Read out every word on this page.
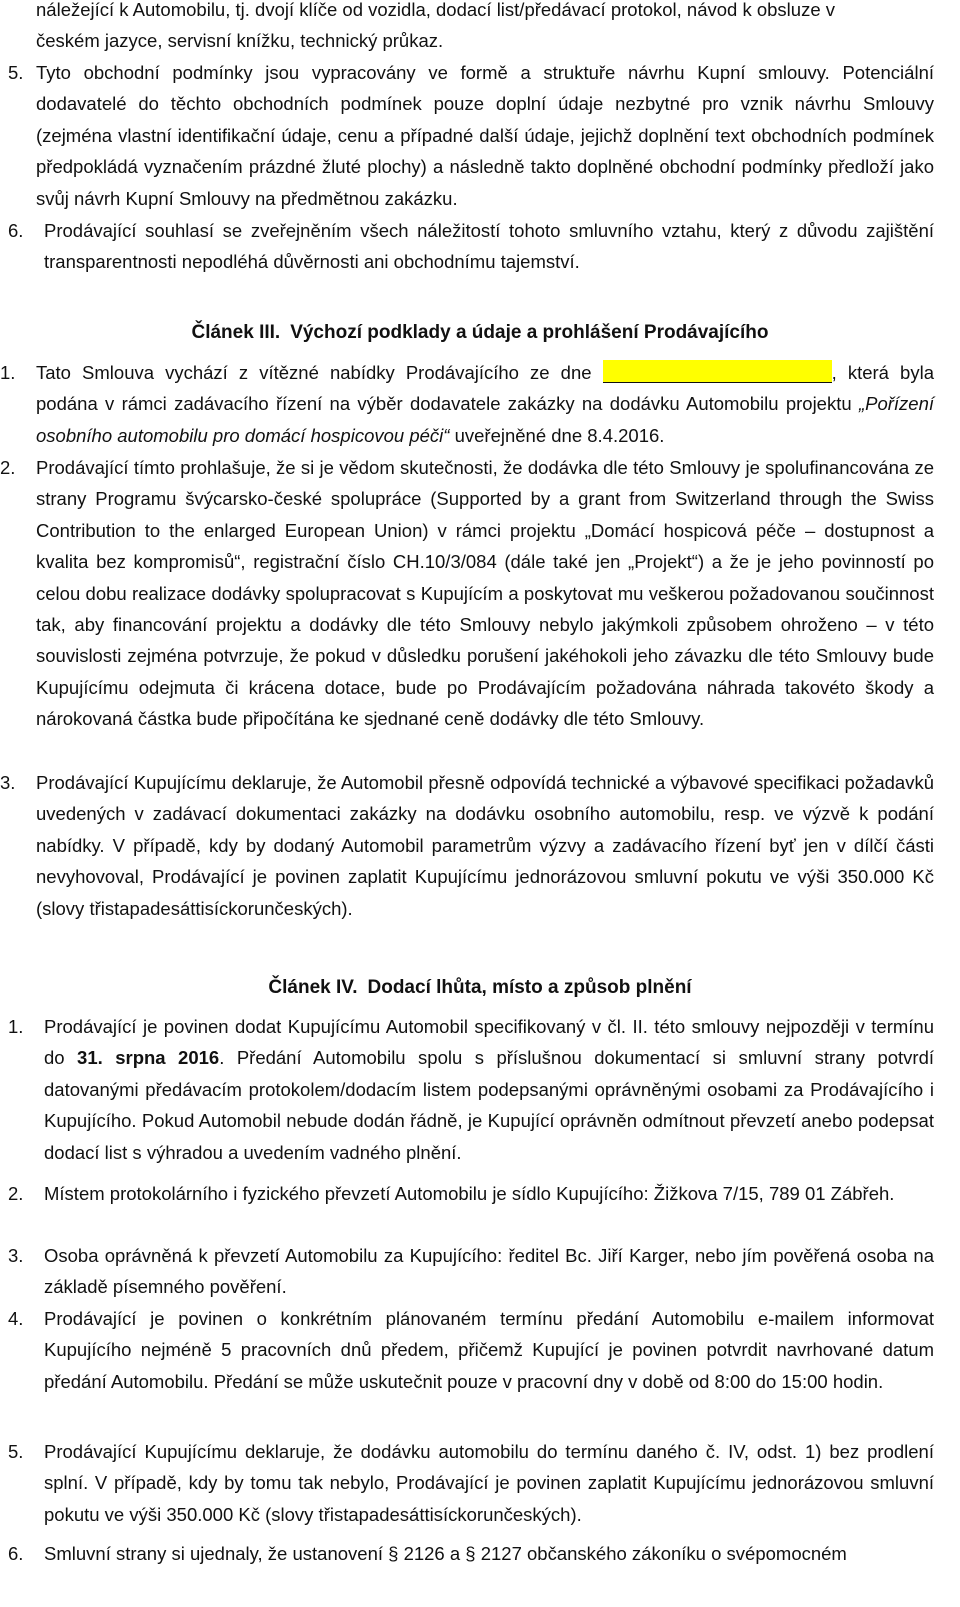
náležející k Automobilu, tj. dvojí klíče od vozidla, dodací list/předávací protokol, návod k obsluze v
českém jazyce, servisní knížku, technický průkaz.

5. Tyto obchodní podmínky jsou vypracovány ve formě a struktuře návrhu Kupní smlouvy. Potenciální dodavatelé do těchto obchodních podmínek pouze doplní údaje nezbytné pro vznik návrhu Smlouvy (zejména vlastní identifikační údaje, cenu a případné další údaje, jejichž doplnění text obchodních podmínek předpokládá vyznačením prázdné žluté plochy) a následně takto doplněné obchodní podmínky předloží jako svůj návrh Kupní Smlouvy na předmětnou zakázku.

6. Prodávající souhlasí se zveřejněním všech náležitostí tohoto smluvního vztahu, který z důvodu zajištění transparentnosti nepodléhá důvěrnosti ani obchodnímu tajemství.

Článek III. Výchozí podklady a údaje a prohlášení Prodávajícího
1. Tato Smlouva vychází z vítězné nabídky Prodávajícího ze dne	, která byla podána v rámci zadávacího řízení na výběr dodavatele zakázky na dodávku Automobilu projektu „Pořízení osobního automobilu pro domácí hospicovou péči“ uveřejněné dne 8.4.2016.

2. Prodávající tímto prohlašuje, že si je vědom skutečnosti, že dodávka dle této Smlouvy je spolufinancována ze strany Programu švýcarsko-české spolupráce (Supported by a grant from Switzerland through the Swiss Contribution to the enlarged European Union) v rámci projektu „Domácí hospicová péče – dostupnost a kvalita bez kompromisů“, registrační číslo CH.10/3/084 (dále také jen „Projekt“) a že je jeho povinností po celou dobu realizace dodávky spolupracovat s Kupujícím a poskytovat mu veškerou požadovanou součinnost tak, aby financování projektu a dodávky dle této Smlouvy nebylo jakýmkoli způsobem ohroženo – v této souvislosti zejména potvrzuje, že pokud v důsledku porušení jakéhokoli jeho závazku dle této Smlouvy bude Kupujícímu odejmuta či krácena dotace, bude po Prodávajícím požadována náhrada takovéto škody a nárokovaná částka bude připočítána ke sjednané ceně dodávky dle této Smlouvy.

3. Prodávající Kupujícímu deklaruje, že Automobil přesně odpovídá technické a výbavové specifikaci požadavků uvedených v zadávací dokumentaci zakázky na dodávku osobního automobilu, resp. ve výzvě k podání nabídky. V případě, kdy by dodaný Automobil parametrům výzvy a zadávacího řízení byť jen v dílčí části nevyhovoval, Prodávající je povinen zaplatit Kupujícímu jednorázovou smluvní pokutu ve výši 350.000 Kč (slovy třistapadesáttisíckorunčeských).

Článek IV. Dodací lhůta, místo a způsob plnění
1. Prodávající je povinen dodat Kupujícímu Automobil specifikovaný v čl. II. této smlouvy nejpozději v termínu do 31. srpna 2016. Předání Automobilu spolu s příslušnou dokumentací si smluvní strany potvrdí datovanými předávacím protokolem/dodacím listem podepsanými oprávněnými osobami za Prodávajícího i Kupujícího. Pokud Automobil nebude dodán řádně, je Kupující oprávněn odmítnout převzetí anebo podepsat dodací list s výhradou a uvedením vadného plnění.

2. Místem protokolárního i fyzického převzetí Automobilu je sídlo Kupujícího: Žižkova 7/15, 789 01 Zábřeh.

3. Osoba oprávněná k převzetí Automobilu za Kupujícího: ředitel Bc. Jiří Karger, nebo jím pověřená osoba na základě písemného pověření.

4. Prodávající je povinen o konkrétním plánovaném termínu předání Automobilu e-mailem informovat Kupujícího nejméně 5 pracovních dnů předem, přičemž Kupující je povinen potvrdit navrhované datum předání Automobilu. Předání se může uskutečnit pouze v pracovní dny v době od 8:00 do 15:00 hodin.

5. Prodávající Kupujícímu deklaruje, že dodávku automobilu do termínu daného č. IV, odst. 1) bez prodlení splní. V případě, kdy by tomu tak nebylo, Prodávající je povinen zaplatit Kupujícímu jednorázovou smluvní pokutu ve výši 350.000 Kč (slovy třistapadesáttisíckorunčeských).

6. Smluvní strany si ujednaly, že ustanovení § 2126 a § 2127 občanského zákoníku o svépomocném
